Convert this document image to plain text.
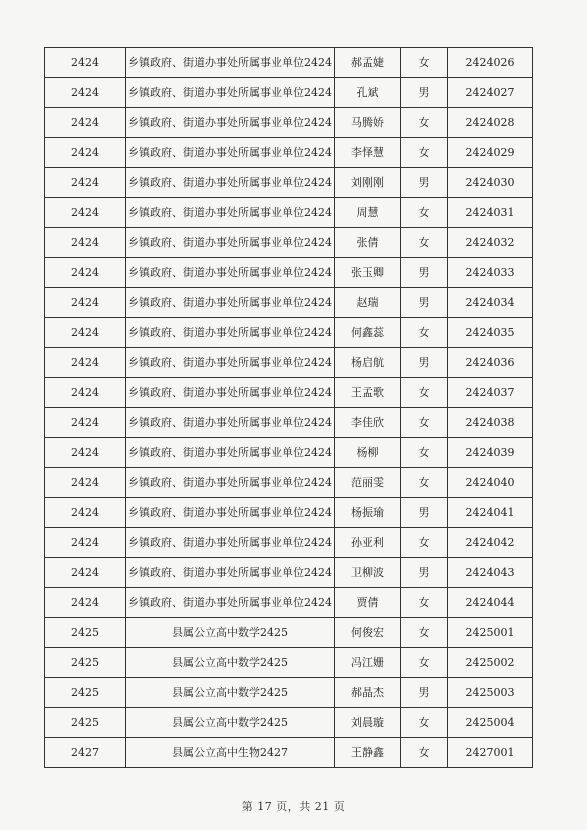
2424	乡镇政府、街道办事处所属事业单位2424	郝孟婕	女	2424026
2424	乡镇政府、街道办事处所属事业单位2424	孔斌	男	2424027
2424	乡镇政府、街道办事处所属事业单位2424	马腾娇	女	2424028
2424	乡镇政府、街道办事处所属事业单位2424	李怿慧	女	2424029
2424	乡镇政府、街道办事处所属事业单位2424	刘刚刚	男	2424030
2424	乡镇政府、街道办事处所属事业单位2424	周慧	女	2424031
2424	乡镇政府、街道办事处所属事业单位2424	张倩	女	2424032
2424	乡镇政府、街道办事处所属事业单位2424	张玉卿	男	2424033
2424	乡镇政府、街道办事处所属事业单位2424	赵瑞	男	2424034
2424	乡镇政府、街道办事处所属事业单位2424	何鑫蕊	女	2424035
2424	乡镇政府、街道办事处所属事业单位2424	杨启航	男	2424036
2424	乡镇政府、街道办事处所属事业单位2424	王孟歌	女	2424037
2424	乡镇政府、街道办事处所属事业单位2424	李佳欣	女	2424038
2424	乡镇政府、街道办事处所属事业单位2424	杨柳	女	2424039
2424	乡镇政府、街道办事处所属事业单位2424	范丽雯	女	2424040
2424	乡镇政府、街道办事处所属事业单位2424	杨振瑜	男	2424041
2424	乡镇政府、街道办事处所属事业单位2424	孙亚利	女	2424042
2424	乡镇政府、街道办事处所属事业单位2424	卫柳波	男	2424043
2424	乡镇政府、街道办事处所属事业单位2424	贾倩	女	2424044
2425	县属公立高中数学2425	何俊宏	女	2425001
2425	县属公立高中数学2425	冯江姗	女	2425002
2425	县属公立高中数学2425	郝晶杰	男	2425003
2425	县属公立高中数学2425	刘晨璇	女	2425004
2427	县属公立高中生物2427	王静鑫	女	2427001
第 17 页，共 21 页
